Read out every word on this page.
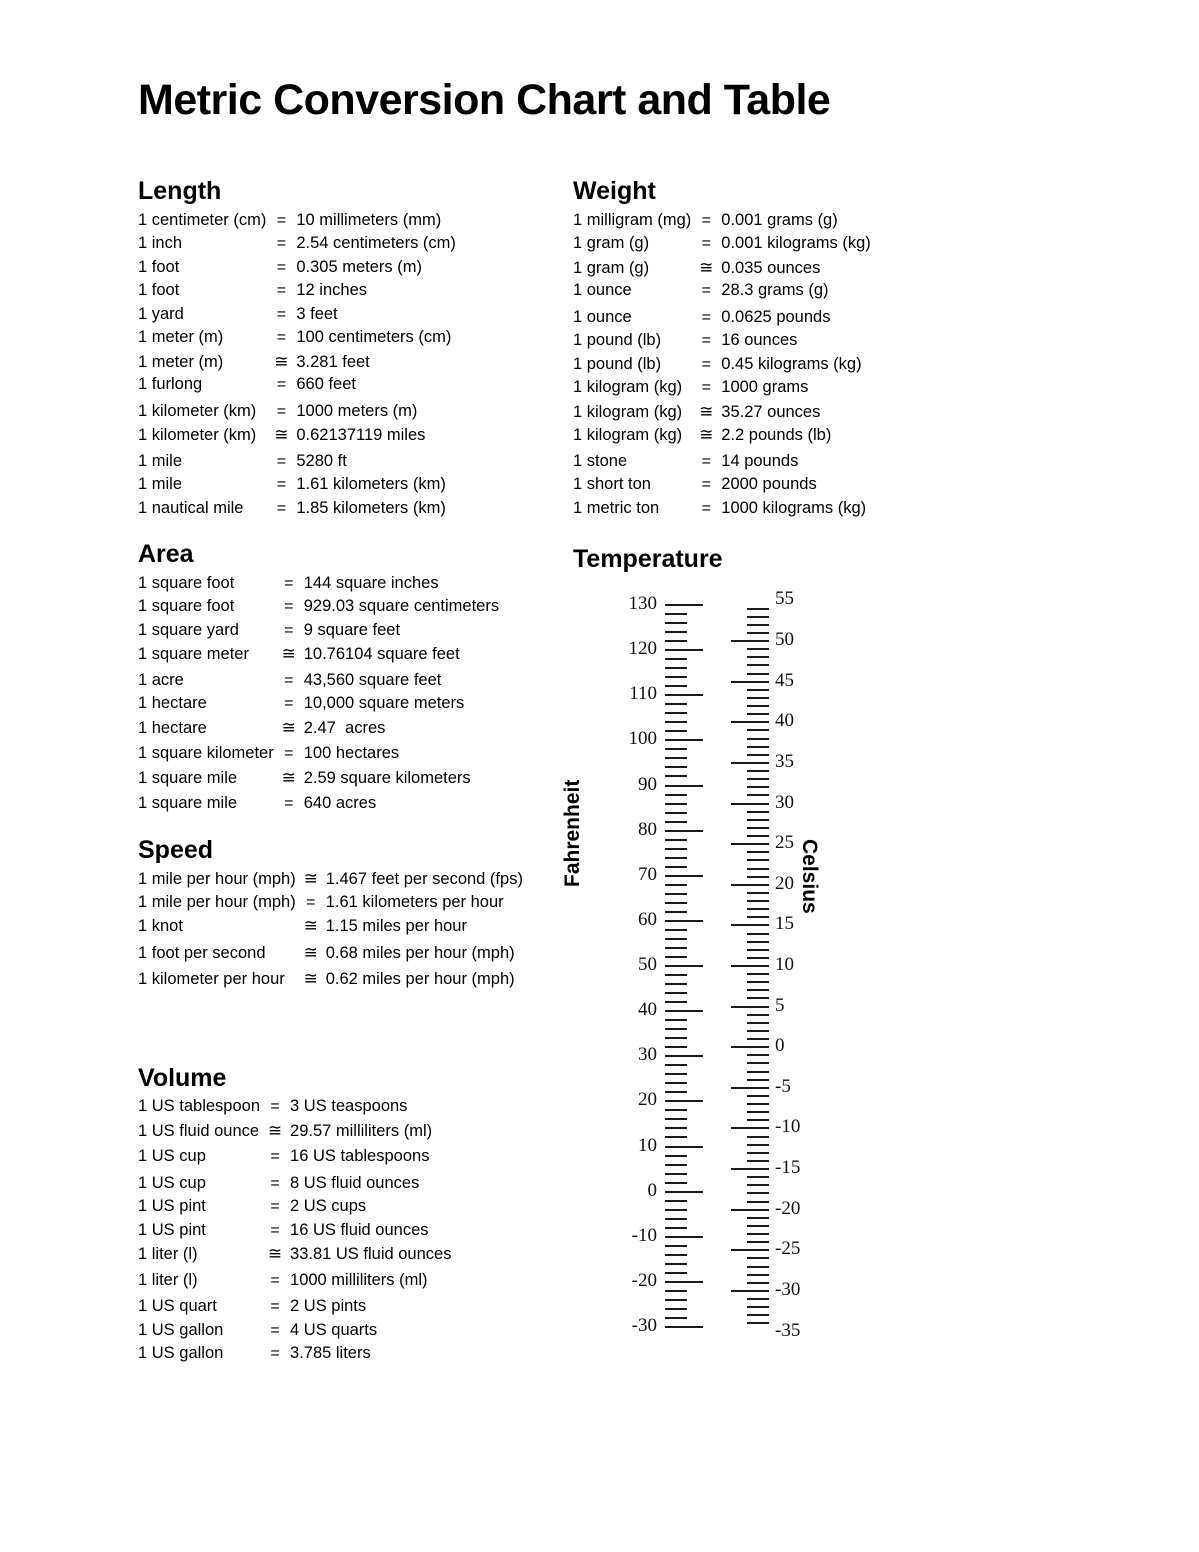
Metric Conversion Chart and Table
Length
1 centimeter (cm)	=	10 millimeters (mm)
1 inch	=	2.54 centimeters (cm)
1 foot	=	0.305 meters (m)
1 foot	=	12 inches
1 yard	=	3 feet
1 meter (m)	=	100 centimeters (cm)
1 meter (m)	≅	3.281 feet
1 furlong	=	660 feet
1 kilometer (km)	=	1000 meters (m)
1 kilometer (km)	≅	0.62137119 miles
1 mile	=	5280 ft
1 mile	=	1.61 kilometers (km)
1 nautical mile	=	1.85 kilometers (km)
Area
1 square foot	=	144 square inches
1 square foot	=	929.03 square centimeters
1 square yard	=	9 square feet
1 square meter	≅	10.76104 square feet
1 acre	=	43,560 square feet
1 hectare	=	10,000 square meters
1 hectare	≅	2.47  acres
1 square kilometer	=	100 hectares
1 square mile	≅	2.59 square kilometers
1 square mile	=	640 acres
Speed
1 mile per hour (mph)	≅	1.467 feet per second (fps)
1 mile per hour (mph)	=	1.61 kilometers per hour
1 knot	≅	1.15 miles per hour
1 foot per second	≅	0.68 miles per hour (mph)
1 kilometer per hour	≅	0.62 miles per hour (mph)
Volume
1 US tablespoon	=	3 US teaspoons
1 US fluid ounce	≅	29.57 milliliters (ml)
1 US cup	=	16 US tablespoons
1 US cup	=	8 US fluid ounces
1 US pint	=	2 US cups
1 US pint	=	16 US fluid ounces
1 liter (l)	≅	33.81 US fluid ounces
1 liter (l)	=	1000 milliliters (ml)
1 US quart	=	2 US pints
1 US gallon	=	4 US quarts
1 US gallon	=	3.785 liters
Weight
1 milligram (mg)	=	0.001 grams (g)
1 gram (g)	=	0.001 kilograms (kg)
1 gram (g)	≅	0.035 ounces
1 ounce	=	28.3 grams (g)
1 ounce	=	0.0625 pounds
1 pound (lb)	=	16 ounces
1 pound (lb)	=	0.45 kilograms (kg)
1 kilogram (kg)	=	1000 grams
1 kilogram (kg)	≅	35.27 ounces
1 kilogram (kg)	≅	2.2 pounds (lb)
1 stone	=	14 pounds
1 short ton	=	2000 pounds
1 metric ton	=	1000 kilograms (kg)
Temperature
Fahrenheit	Celsius
130
120
110
100
90
80
70
60
50
40
30
20
10
0
-10
-20
-30
55
50
45
40
35
30
25
20
15
10
5
0
-5
-10
-15
-20
-25
-30
-35
